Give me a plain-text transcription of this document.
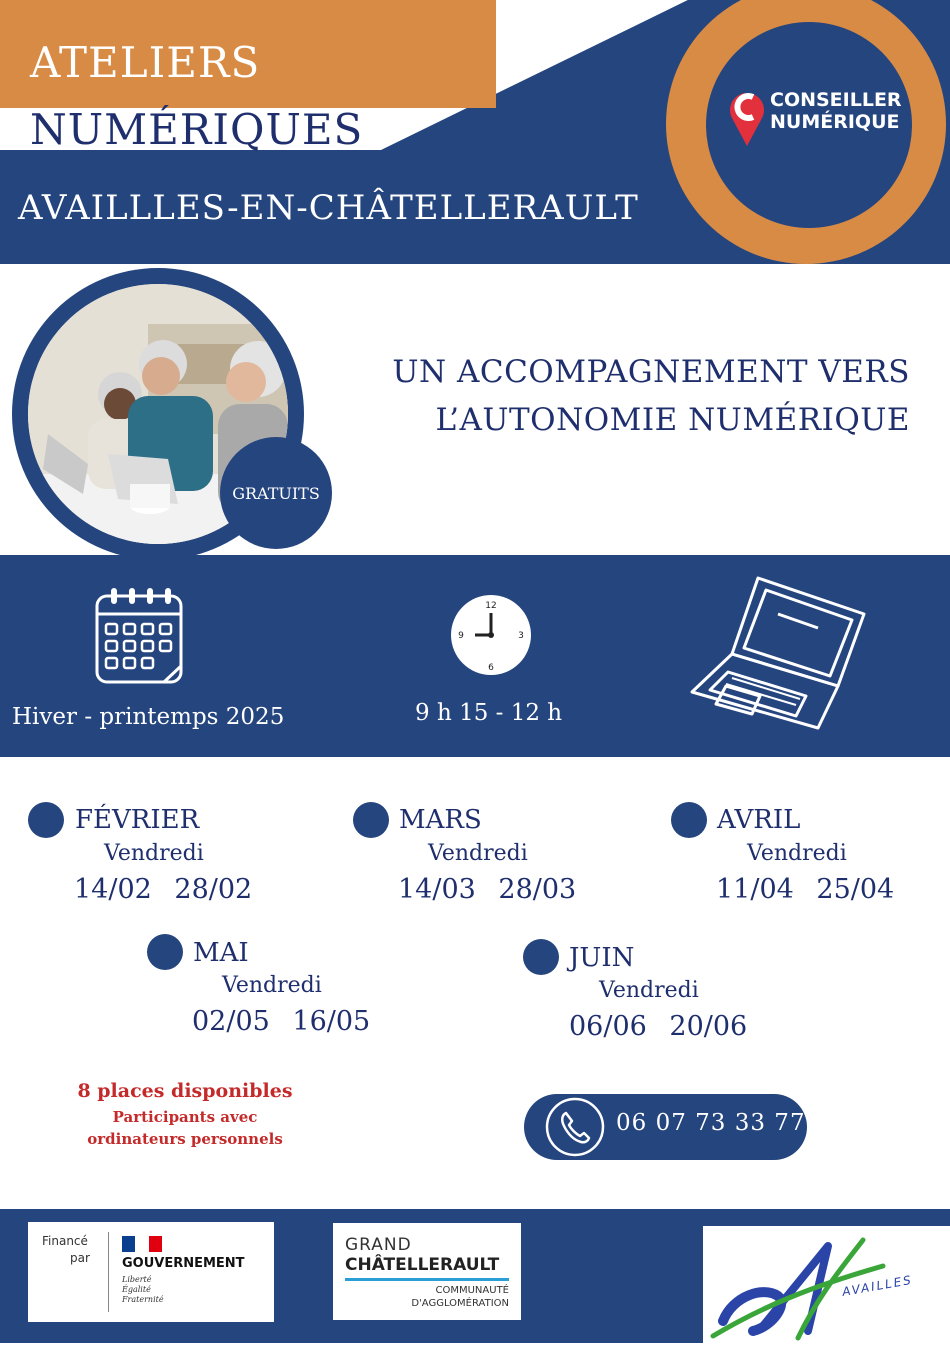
ATELIERS
NUMÉRIQUES
AVAILLLES-EN-CHÂTELLERAULT
CONSEILLER
NUMÉRIQUE
GRATUITS
UN ACCOMPAGNEMENT VERS
L’AUTONOMIE NUMÉRIQUE
Hiver - printemps 2025
12
3
6
9
9 h 15 - 12 h
FÉVRIER
Vendredi
14/02 28/02
MARS
Vendredi
14/03 28/03
AVRIL
Vendredi
11/04 25/04
MAI
Vendredi
02/05 16/05
JUIN
Vendredi
06/06 20/06
8 places disponibles
Participants avec
ordinateurs personnels
06 07 73 33 77
Financé
par GOUVERNEMENT
Liberté
Égalité
Fraternité
GRAND
CHÂTELLERAULT
COMMUNAUTÉ
D'AGGLOMÉRATION
AVAILLES
